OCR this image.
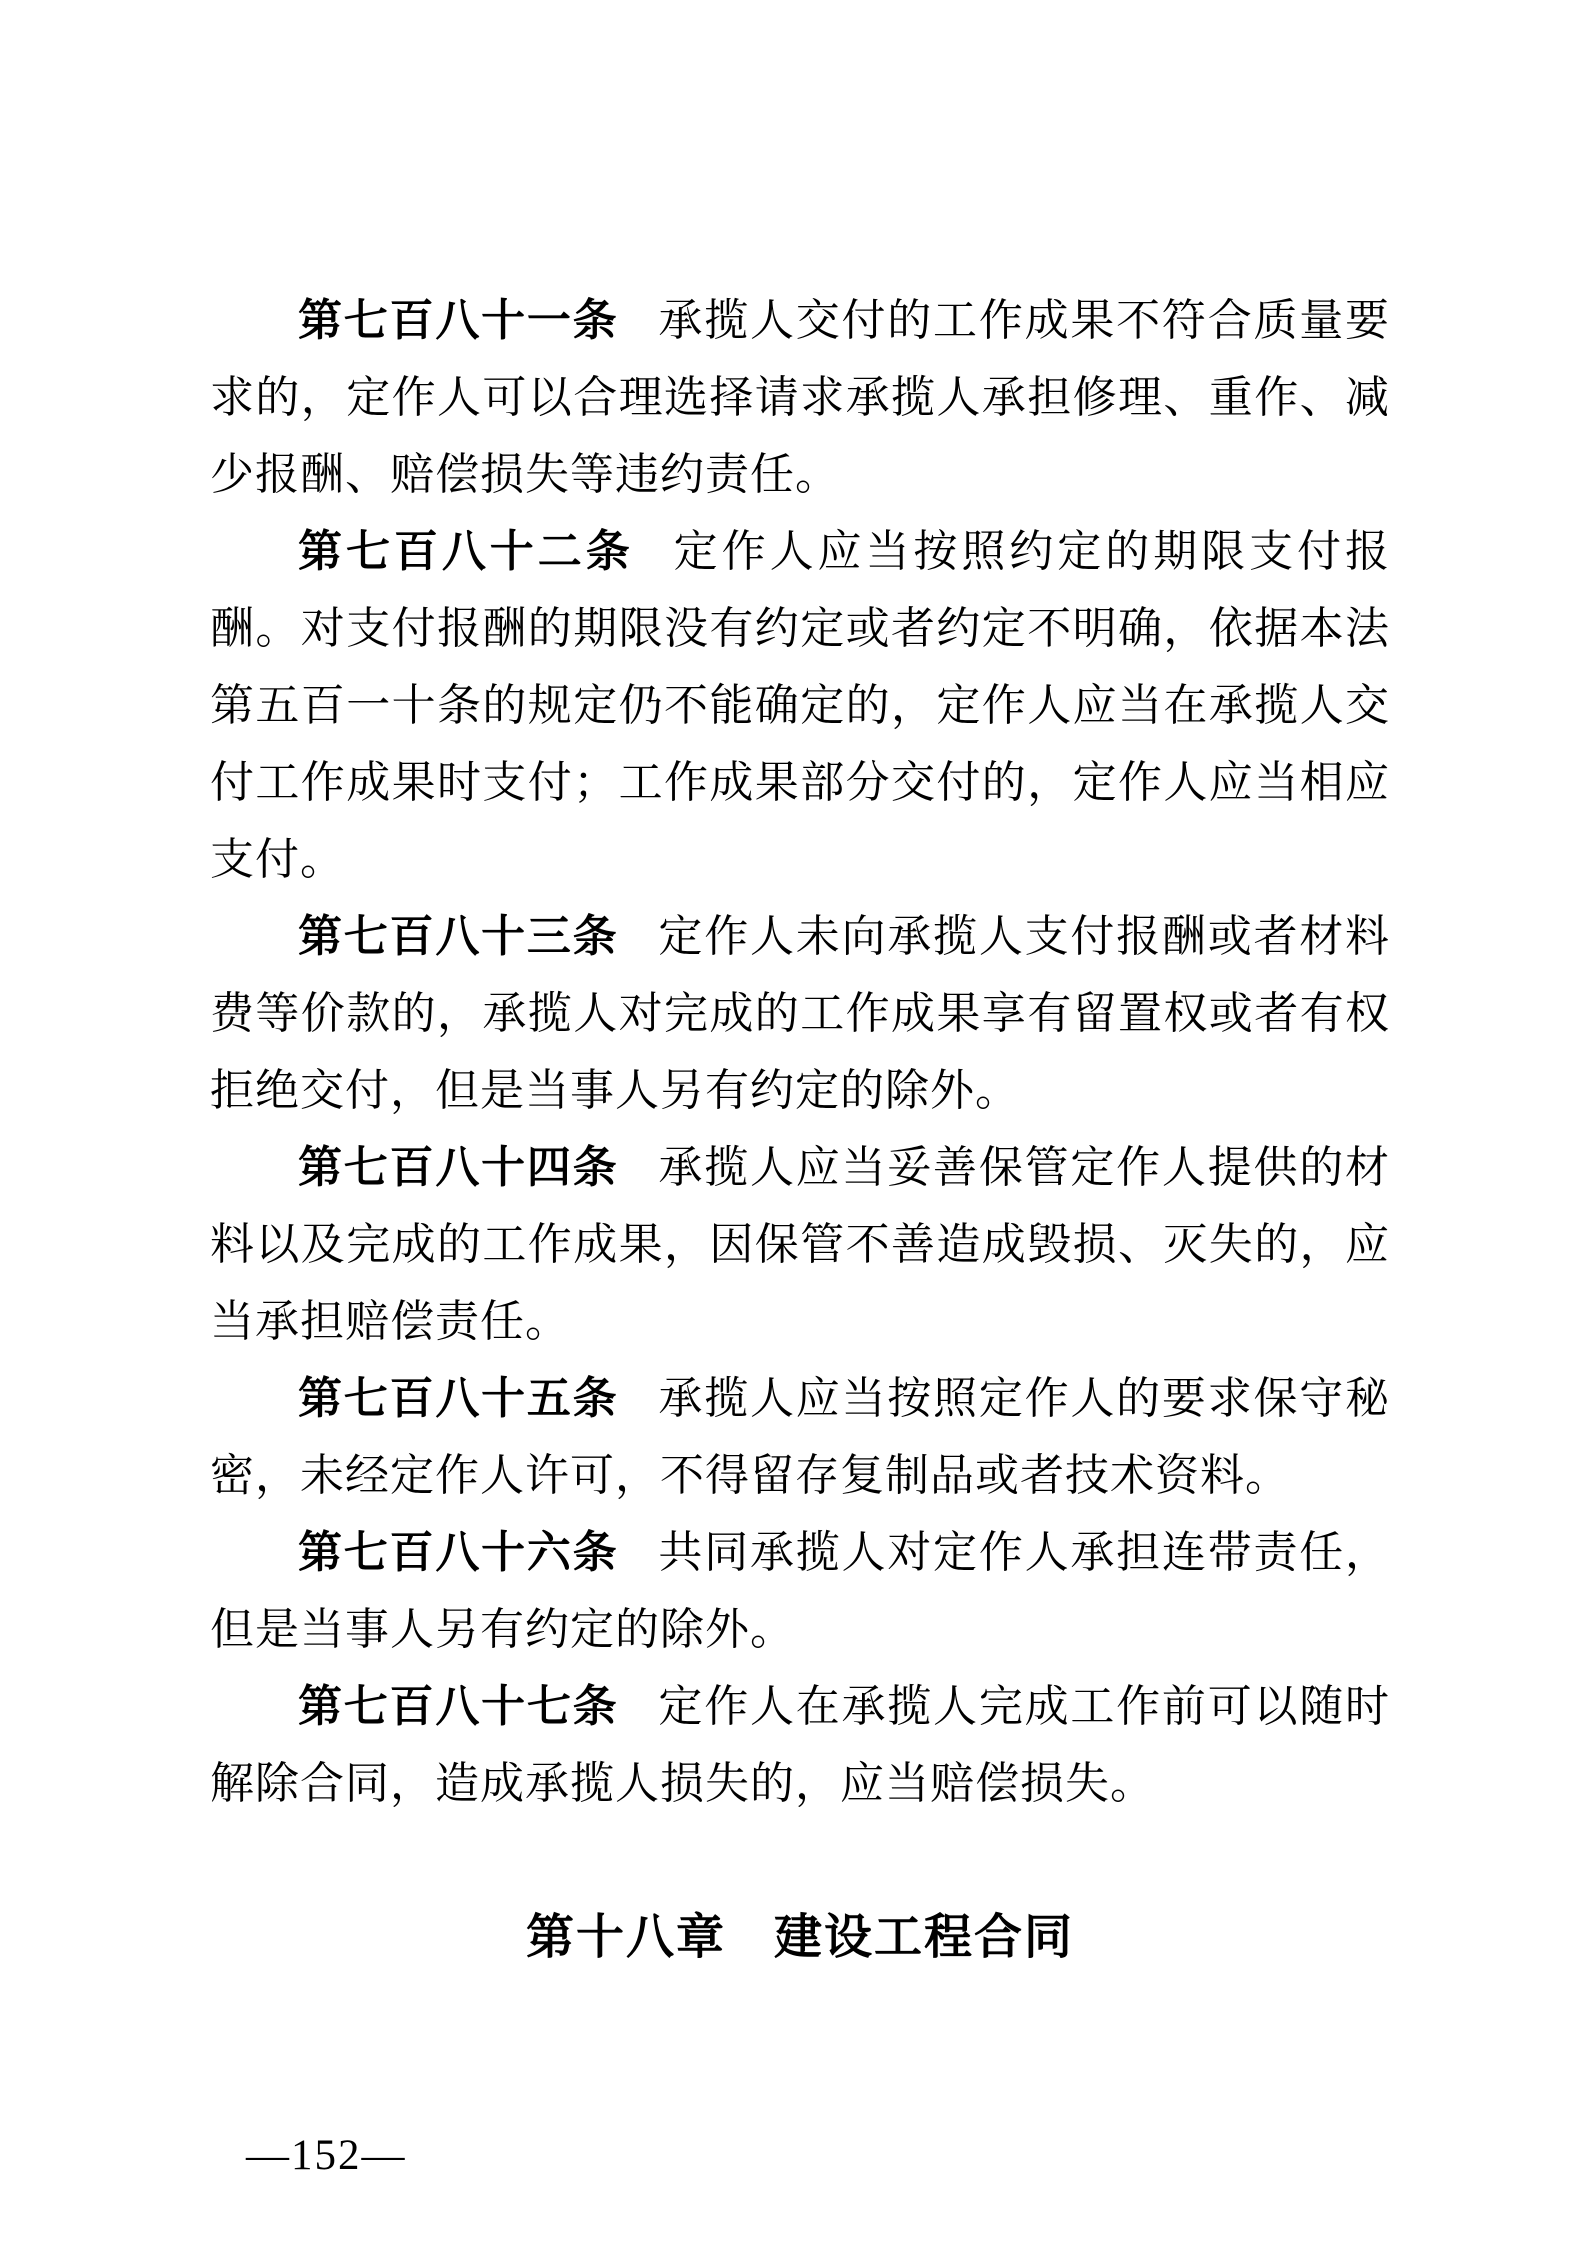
第七百八十一条 承揽人交付的工作成果不符合质量要求的，定作人可以合理选择请求承揽人承担修理、重作、减少报酬、赔偿损失等违约责任。

第七百八十二条 定作人应当按照约定的期限支付报酬。对支付报酬的期限没有约定或者约定不明确，依据本法第五百一十条的规定仍不能确定的，定作人应当在承揽人交付工作成果时支付；工作成果部分交付的，定作人应当相应支付。

第七百八十三条 定作人未向承揽人支付报酬或者材料费等价款的，承揽人对完成的工作成果享有留置权或者有权拒绝交付，但是当事人另有约定的除外。

第七百八十四条 承揽人应当妥善保管定作人提供的材料以及完成的工作成果，因保管不善造成毁损、灭失的，应当承担赔偿责任。

第七百八十五条 承揽人应当按照定作人的要求保守秘密，未经定作人许可，不得留存复制品或者技术资料。

第七百八十六条 共同承揽人对定作人承担连带责任，但是当事人另有约定的除外。

第七百八十七条 定作人在承揽人完成工作前可以随时解除合同，造成承揽人损失的，应当赔偿损失。

第十八章 建设工程合同
—152—
